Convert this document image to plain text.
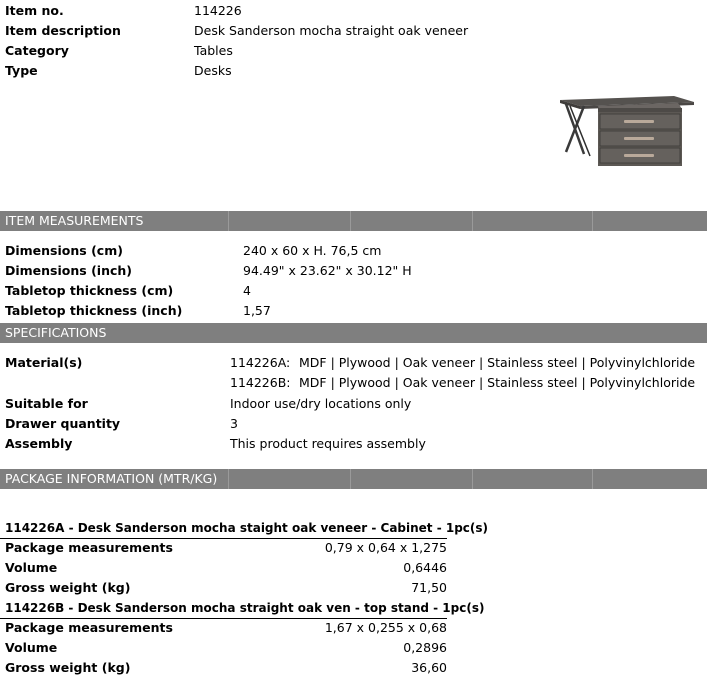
Item no.	114226
Item description	Desk Sanderson mocha straight oak veneer
Category	Tables
Type	Desks
ITEM MEASUREMENTS
Dimensions (cm)	240 x 60 x H. 76,5 cm
Dimensions (inch)	94.49" x 23.62" x 30.12" H
Tabletop thickness (cm)	4
Tabletop thickness (inch)	1,57
SPECIFICATIONS
Material(s)	114226A: MDF | Plywood | Oak veneer | Stainless steel | Polyvinylchloride
114226B: MDF | Plywood | Oak veneer | Stainless steel | Polyvinylchloride
Suitable for	Indoor use/dry locations only
Drawer quantity	3
Assembly	This product requires assembly
PACKAGE INFORMATION (MTR/KG)
114226A - Desk Sanderson mocha staight oak veneer - Cabinet - 1pc(s)
Package measurements	0,79 x 0,64 x 1,275
Volume	0,6446
Gross weight (kg)	71,50
114226B - Desk Sanderson mocha straight oak ven - top stand - 1pc(s)
Package measurements	1,67 x 0,255 x 0,68
Volume	0,2896
Gross weight (kg)	36,60
